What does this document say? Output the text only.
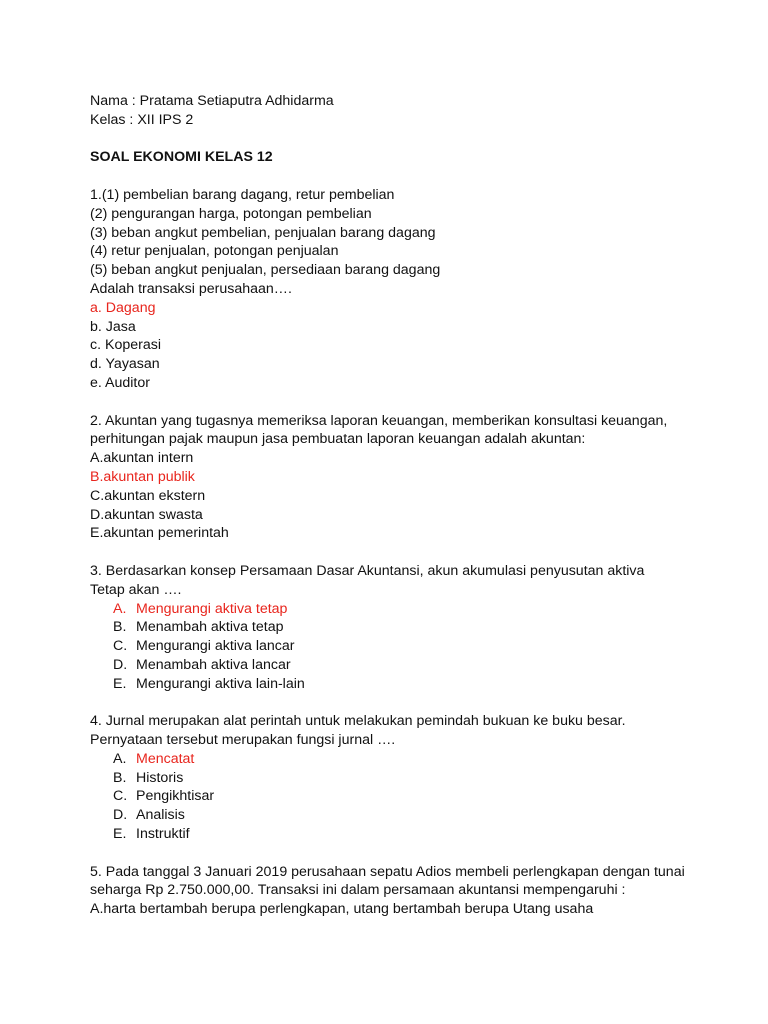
Nama : Pratama Setiaputra Adhidarma
Kelas : XII IPS 2
SOAL EKONOMI KELAS 12
1.(1) pembelian barang dagang, retur pembelian
(2) pengurangan harga, potongan pembelian
(3) beban angkut pembelian, penjualan barang dagang
(4) retur penjualan, potongan penjualan
(5) beban angkut penjualan, persediaan barang dagang
Adalah transaksi perusahaan….
a. Dagang
b. Jasa
c. Koperasi
d. Yayasan
e. Auditor
2. Akuntan yang tugasnya memeriksa laporan keuangan, memberikan konsultasi keuangan,
perhitungan pajak maupun jasa pembuatan laporan keuangan adalah akuntan:
A.akuntan intern
B.akuntan publik
C.akuntan ekstern
D.akuntan swasta
E.akuntan pemerintah
3. Berdasarkan konsep Persamaan Dasar Akuntansi, akun akumulasi penyusutan aktiva
Tetap akan ….
A. Mengurangi aktiva tetap
B. Menambah aktiva tetap
C. Mengurangi aktiva lancar
D. Menambah aktiva lancar
E. Mengurangi aktiva lain-lain
4. Jurnal merupakan alat perintah untuk melakukan pemindah bukuan ke buku besar.
Pernyataan tersebut merupakan fungsi jurnal ….
A. Mencatat
B. Historis
C. Pengikhtisar
D. Analisis
E. Instruktif
5. Pada tanggal 3 Januari 2019 perusahaan sepatu Adios membeli perlengkapan dengan tunai
seharga Rp 2.750.000,00. Transaksi ini dalam persamaan akuntansi mempengaruhi :
A.harta bertambah berupa perlengkapan, utang bertambah berupa Utang usaha
